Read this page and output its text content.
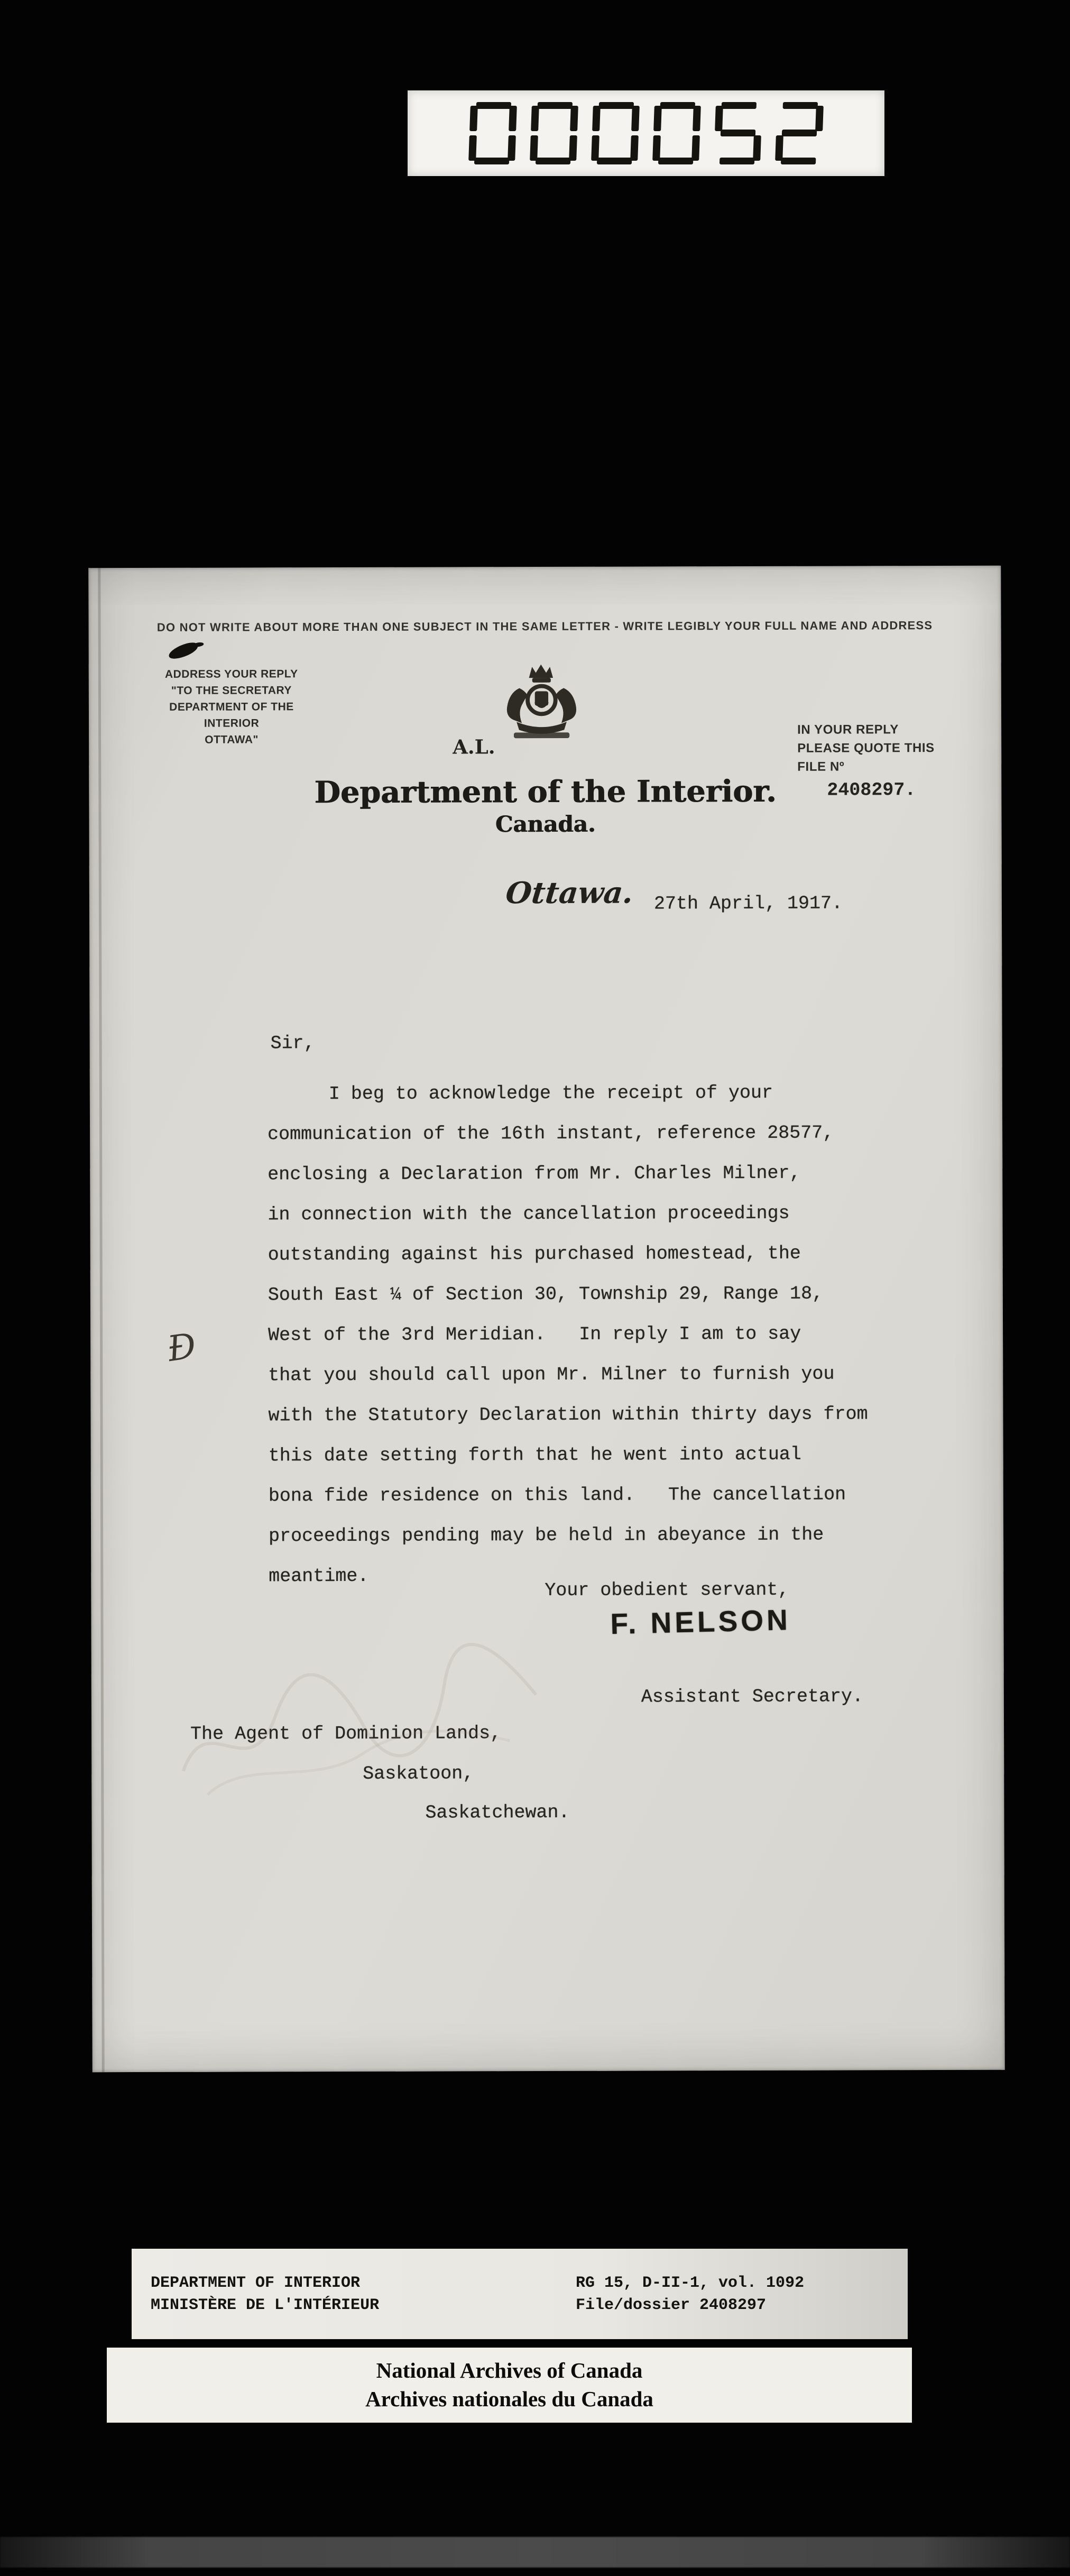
DO NOT WRITE ABOUT MORE THAN ONE SUBJECT IN THE SAME LETTER - WRITE LEGIBLY YOUR FULL NAME AND ADDRESS
ADDRESS YOUR REPLY
"TO THE SECRETARY
DEPARTMENT OF THE INTERIOR
OTTAWA"	A.L.
Department of the Interior.
Canada.
IN YOUR REPLY
PLEASE QUOTE THIS
FILE Nº
2408297.
Ottawa. 27th April, 1917.
Sir,
I beg to acknowledge the receipt of your
communication of the 16th instant, reference 28577,
enclosing a Declaration from Mr. Charles Milner,
in connection with the cancellation proceedings
outstanding against his purchased homestead, the
South East ¼ of Section 30, Township 29, Range 18,
West of the 3rd Meridian.   In reply I am to say
that you should call upon Mr. Milner to furnish you
with the Statutory Declaration within thirty days from
this date setting forth that he went into actual
bona fide residence on this land.   The cancellation
proceedings pending may be held in abeyance in the
meantime.
Đ
Your obedient servant,
F. NELSON
Assistant Secretary.
The Agent of Dominion Lands,
Saskatoon,
Saskatchewan.
DEPARTMENT OF INTERIOR
MINISTÈRE DE L'INTÉRIEUR
RG 15, D-II-1, vol. 1092
File/dossier 2408297
National Archives of Canada
Archives nationales du Canada
